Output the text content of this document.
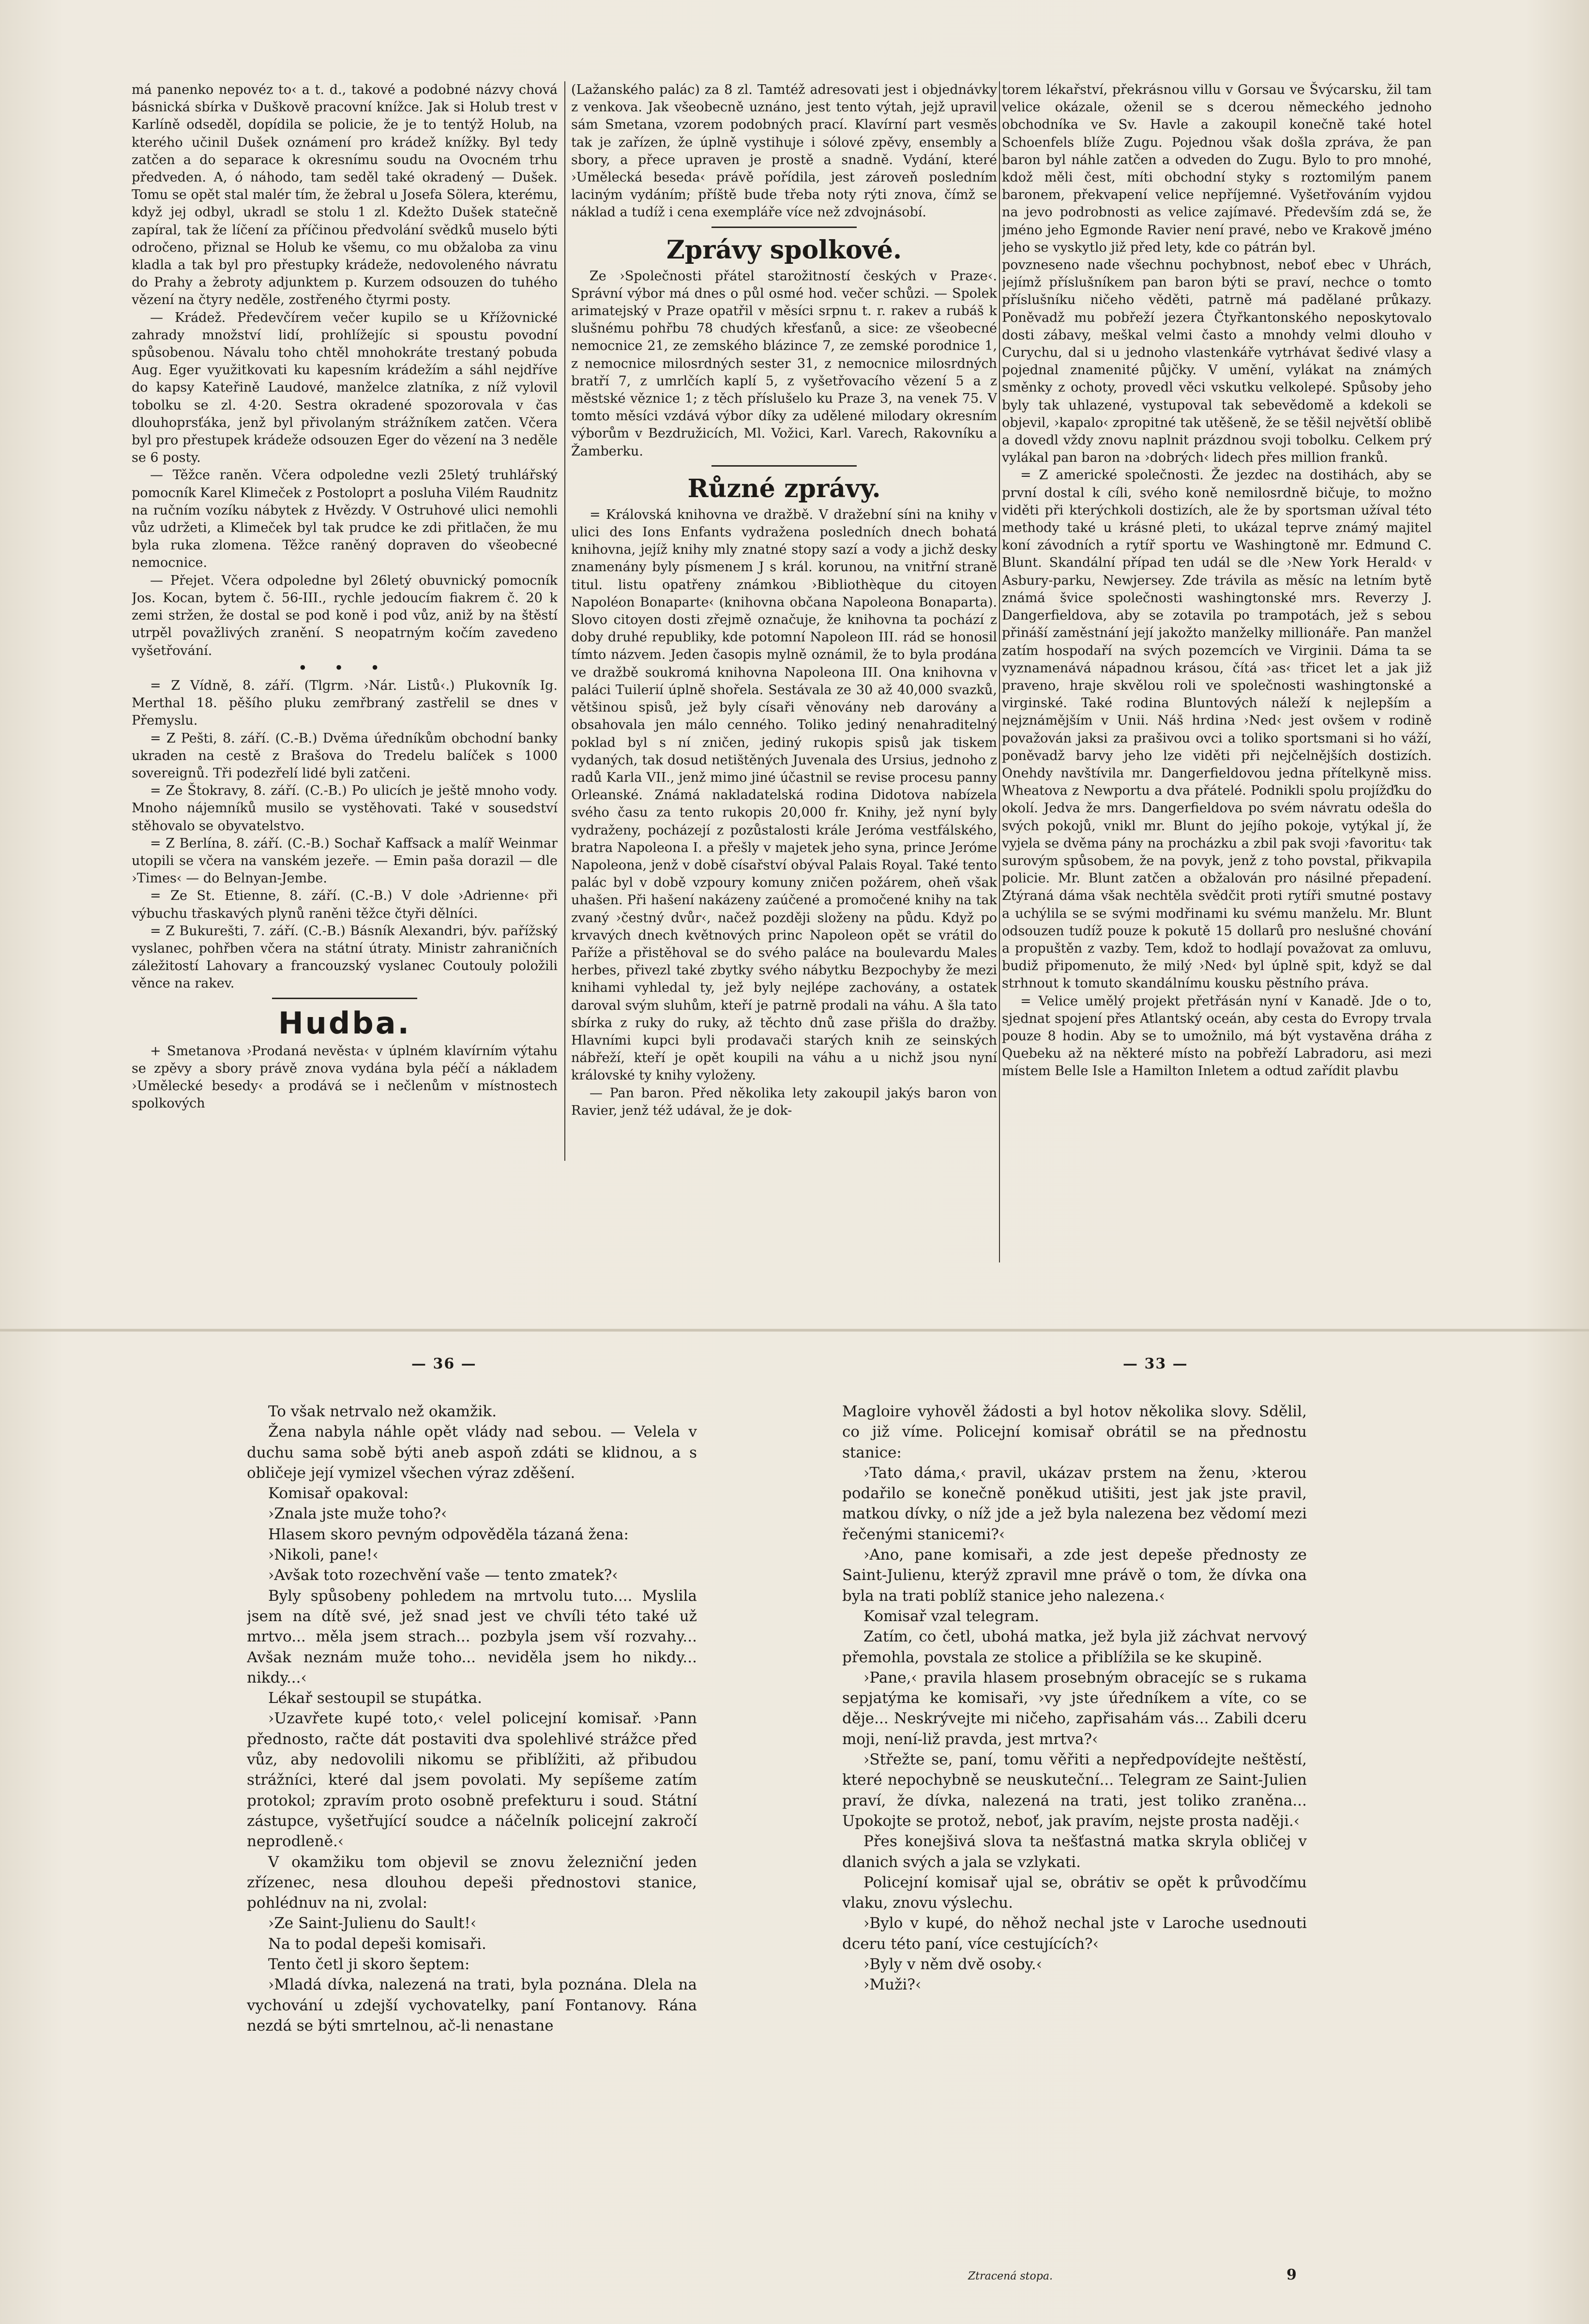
má panenko nepovéz to‹ a t. d., takové a podobné názvy chová básnická sbírka v Duškově pracovní knížce. Jak si Holub trest v Karlíně odseděl, dopídila se policie, že je to tentýž Holub, na kterého učinil Dušek oznámení pro krádež knížky. Byl tedy zatčen a do separace k okresnímu soudu na Ovocném trhu předveden. A, ó náhodo, tam seděl také okradený — Dušek. Tomu se opět stal malér tím, že žebral u Josefa Sölera, kterému, když jej odbyl, ukradl se stolu 1 zl. Kdežto Dušek statečně zapíral, tak že líčení za příčinou předvolání svědků muselo býti odročeno, přiznal se Holub ke všemu, co mu obžaloba za vinu kladla a tak byl pro přestupky krádeže, nedovoleného návratu do Prahy a žebroty adjunktem p. Kurzem odsouzen do tuhého vězení na čtyry neděle, zostřeného čtyrmi posty.

— Krádež. Předevčírem večer kupilo se u Křížovnické zahrady množství lidí, prohlížejíc si spoustu povodní spůsobenou. Návalu toho chtěl mnohokráte trestaný pobuda Aug. Eger využitkovati ku kapesním krádežím a sáhl nejdříve do kapsy Kateřině Laudové, manželce zlatníka, z níž vylovil tobolku se zl. 4·20. Sestra okradené spozorovala v čas dlouhoprsťáka, jenž byl přivolaným strážníkem zatčen. Včera byl pro přestupek krádeže odsouzen Eger do vězení na 3 neděle se 6 posty.

— Těžce raněn. Včera odpoledne vezli 25letý truhlářský pomocník Karel Klimeček z Postoloprt a posluha Vilém Raudnitz na ručním vozíku nábytek z Hvězdy. V Ostruhové ulici nemohli vůz udržeti, a Klimeček byl tak prudce ke zdi přitlačen, že mu byla ruka zlomena. Těžce raněný dopraven do všeobecné nemocnice.

— Přejet. Včera odpoledne byl 26letý obuvnický pomocník Jos. Kocan, bytem č. 56-III., rychle jedoucím fiakrem č. 20 k zemi stržen, že dostal se pod koně i pod vůz, aniž by na štěstí utrpěl považlivých zranění. S neopatrným kočím zavedeno vyšetřování.

• • •

= Z Vídně, 8. září. (Tlgrm. ›Nár. Listů‹.) Plukovník Ig. Merthal 18. pěšího pluku zemřbraný zastřelil se dnes v Přemyslu.

= Z Pešti, 8. září. (C.-B.) Dvěma úředníkům obchodní banky ukraden na cestě z Brašova do Tredelu balíček s 1000 sovereignů. Tři podezřelí lidé byli zatčeni.

= Ze Štokravy, 8. září. (C.-B.) Po ulicích je ještě mnoho vody. Mnoho nájemníků musilo se vystěhovati. Také v sousedství stěhovalo se obyvatelstvo.

= Z Berlína, 8. září. (C.-B.) Sochař Kaffsack a malíř Weinmar utopili se včera na vanském jezeře. — Emin paša dorazil — dle ›Times‹ — do Belnyan-Jembe.

= Ze St. Etienne, 8. září. (C.-B.) V dole ›Adrienne‹ při výbuchu třaskavých plynů raněni těžce čtyři dělníci.

= Z Bukurešti, 7. září. (C.-B.) Básník Alexandri, býv. pařížský vyslanec, pohřben včera na státní útraty. Ministr zahraničních záležitostí Lahovary a francouzský vyslanec Coutouly položili věnce na rakev.

Hudba.

+ Smetanova ›Prodaná nevěsta‹ v úplném klavírním výtahu se zpěvy a sbory právě znova vydána byla péčí a nákladem ›Umělecké besedy‹ a prodává se i nečlenům v místnostech spolkových

(Lažanského palác) za 8 zl. Tamtéž adresovati jest i objednávky z venkova. Jak všeobecně uznáno, jest tento výtah, jejž upravil sám Smetana, vzorem podobných prací. Klavírní part vesměs tak je zařízen, že úplně vystihuje i sólové zpěvy, ensembly a sbory, a přece upraven je prostě a snadně. Vydání, které ›Umělecká beseda‹ právě pořídila, jest zároveň posledním laciným vydáním; příště bude třeba noty rýti znova, čímž se náklad a tudíž i cena exempláře více než zdvojnásobí.

Zprávy spolkové.

Ze ›Společnosti přátel starožitností českých v Praze‹. Správní výbor má dnes o půl osmé hod. večer schůzi. — Spolek arimatejský v Praze opatřil v měsíci srpnu t. r. rakev a rubáš k slušnému pohřbu 78 chudých křesťanů, a sice: ze všeobecné nemocnice 21, ze zemského blázince 7, ze zemské porodnice 1, z nemocnice milosrdných sester 31, z nemocnice milosrdných bratří 7, z umrlčích kaplí 5, z vyšetřovacího vězení 5 a z městské věznice 1; z těch příslušelo ku Praze 3, na venek 75. V tomto měsíci vzdává výbor díky za udělené milodary okresním výborům v Bezdružicích, Ml. Vožici, Karl. Varech, Rakovníku a Žamberku.

Různé zprávy.

= Královská knihovna ve dražbě. V dražební síni na knihy v ulici des Ions Enfants vydražena posledních dnech bohatá knihovna, jejíž knihy mly znatné stopy sazí a vody a jichž desky znamenány byly písmenem J s král. korunou, na vnitřní straně titul. listu opatřeny známkou ›Bibliothèque du citoyen Napoléon Bonaparte‹ (knihovna občana Napoleona Bonaparta). Slovo citoyen dosti zřejmě označuje, že knihovna ta pochází z doby druhé republiky, kde potomní Napoleon III. rád se honosil tímto názvem. Jeden časopis mylně oznámil, že to byla prodána ve dražbě soukromá knihovna Napoleona III. Ona knihovna v paláci Tuilerií úplně shořela. Sestávala ze 30 až 40,000 svazků, většinou spisů, jež byly císaři věnovány neb darovány a obsahovala jen málo cenného. Toliko jediný nenahraditelný poklad byl s ní zničen, jediný rukopis spisů jak tiskem vydaných, tak dosud netištěných Juvenala des Ursius, jednoho z radů Karla VII., jenž mimo jiné účastnil se revise procesu panny Orleanské. Známá nakladatelská rodina Didotova nabízela svého času za tento rukopis 20,000 fr. Knihy, jež nyní byly vydraženy, pocházejí z pozůstalosti krále Jeróma vestfálského, bratra Napoleona I. a přešly v majetek jeho syna, prince Jeróme Napoleona, jenž v době císařství obýval Palais Royal. Také tento palác byl v době vzpoury komuny zničen požárem, oheň však uhašen. Při hašení nakázeny zaúčené a promočené knihy na tak zvaný ›čestný dvůr‹, načež později složeny na půdu. Když po krvavých dnech květnových princ Napoleon opět se vrátil do Paříže a přistěhoval se do svého paláce na boulevardu Males herbes, přivezl také zbytky svého nábytku Bezpochyby že mezi knihami vyhledal ty, jež byly nejlépe zachovány, a ostatek daroval svým sluhům, kteří je patrně prodali na váhu. A šla tato sbírka z ruky do ruky, až těchto dnů zase přišla do dražby. Hlavními kupci byli prodavači starých knih ze seinských nábřeží, kteří je opět koupili na váhu a u nichž jsou nyní královské ty knihy vyloženy.

— Pan baron. Před několika lety zakoupil jakýs baron von Ravier, jenž též udával, že je dok-

torem lékařství, překrásnou villu v Gorsau ve Švýcarsku, žil tam velice okázale, oženil se s dcerou německého jednoho obchodníka ve Sv. Havle a zakoupil konečně také hotel Schoenfels blíže Zugu. Pojednou však došla zpráva, že pan baron byl náhle zatčen a odveden do Zugu. Bylo to pro mnohé, kdož měli čest, míti obchodní styky s roztomilým panem baronem, překvapení velice nepříjemné. Vyšetřováním vyjdou na jevo podrobnosti as velice zajímavé. Především zdá se, že jméno jeho Egmonde Ravier není pravé, nebo ve Krakově jméno jeho se vyskytlo již před lety, kde co pátrán byl.

povzneseno nade všechnu pochybnost, neboť ebec v Uhrách, jejímž příslušníkem pan baron býti se praví, nechce o tomto příslušníku ničeho věděti, patrně má padělané průkazy. Poněvadž mu pobřeží jezera Čtyřkantonského neposkytovalo dosti zábavy, meškal velmi často a mnohdy velmi dlouho v Curychu, dal si u jednoho vlastenkáře vytrhávat šedivé vlasy a pojednal znamenité půjčky. V umění, vylákat na známých směnky z ochoty, provedl věci vskutku velkolepé. Spůsoby jeho byly tak uhlazené, vystupoval tak sebevědomě a kdekoli se objevil, ›kapalo‹ zpropitné tak utěšeně, že se těšil největší oblibě a dovedl vždy znovu naplnit prázdnou svoji tobolku. Celkem prý vylákal pan baron na ›dobrých‹ lidech přes million franků.

= Z americké společnosti. Že jezdec na dostihách, aby se první dostal k cíli, svého koně nemilosrdně bičuje, to možno viděti při kterýchkoli dostizích, ale že by sportsman užíval této methody také u krásné pleti, to ukázal teprve známý majitel koní závodních a rytíř sportu ve Washingtoně mr. Edmund C. Blunt. Skandální případ ten udál se dle ›New York Herald‹ v Asbury-parku, Newjersey. Zde trávila as měsíc na letním bytě známá švice společnosti washingtonské mrs. Reverzy J. Dangerfieldova, aby se zotavila po trampotách, jež s sebou přináší zaměstnání její jakožto manželky millionáře. Pan manžel zatím hospodaří na svých pozemcích ve Virginii. Dáma ta se vyznamenává nápadnou krásou, čítá ›as‹ třicet let a jak již praveno, hraje skvělou roli ve společnosti washingtonské a virginské. Také rodina Bluntových náleží k nejlepším a nejznámějším v Unii. Náš hrdina ›Ned‹ jest ovšem v rodině považován jaksi za prašivou ovci a toliko sportsmani si ho váží, poněvadž barvy jeho lze viděti při nejčelnějších dostizích. Onehdy navštívila mr. Dangerfieldovou jedna přítelkyně miss. Wheatova z Newportu a dva přátelé. Podnikli spolu projížďku do okolí. Jedva že mrs. Dangerfieldova po svém návratu odešla do svých pokojů, vnikl mr. Blunt do jejího pokoje, vytýkal jí, že vyjela se dvěma pány na procházku a zbil pak svoji ›favoritu‹ tak surovým spůsobem, že na povyk, jenž z toho povstal, přikvapila policie. Mr. Blunt zatčen a obžalován pro násilné přepadení. Ztýraná dáma však nechtěla svědčit proti rytíři smutné postavy a uchýlila se se svými modřinami ku svému manželu. Mr. Blunt odsouzen tudíž pouze k pokutě 15 dollarů pro neslušné chování a propuštěn z vazby. Tem, kdož to hodlají považovat za omluvu, budiž připomenuto, že milý ›Ned‹ byl úplně spit, když se dal strhnout k tomuto skandálnímu kousku pěstního práva.

= Velice umělý projekt přetřásán nyní v Kanadě. Jde o to, sjednat spojení přes Atlantský oceán, aby cesta do Evropy trvala pouze 8 hodin. Aby se to umožnilo, má být vystavěna dráha z Quebeku až na některé místo na pobřeží Labradoru, asi mezi místem Belle Isle a Hamilton Inletem a odtud zařídit plavbu

— 36 —	— 33 —

To však netrvalo než okamžik.

Žena nabyla náhle opět vlády nad sebou. — Velela v duchu sama sobě býti aneb aspoň zdáti se klidnou, a s obličeje její vymizel všechen výraz zděšení.

Komisař opakoval:

›Znala jste muže toho?‹

Hlasem skoro pevným odpověděla tázaná žena:

›Nikoli, pane!‹

›Avšak toto rozechvění vaše — tento zmatek?‹

Byly spůsobeny pohledem na mrtvolu tuto.... Myslila jsem na dítě své, jež snad jest ve chvíli této také už mrtvo... měla jsem strach... pozbyla jsem vší rozvahy... Avšak neznám muže toho... neviděla jsem ho nikdy... nikdy...‹

Lékař sestoupil se stupátka.

›Uzavřete kupé toto,‹ velel policejní komisař. ›Pann přednosto, račte dát postaviti dva spolehlivé strážce před vůz, aby nedovolili nikomu se přiblížiti, až přibudou strážníci, které dal jsem povolati. My sepíšeme zatím protokol; zpravím proto osobně prefekturu i soud. Státní zástupce, vyšetřující soudce a náčelník policejní zakročí neprodleně.‹

V okamžiku tom objevil se znovu železniční jeden zřízenec, nesa dlouhou depeši přednostovi stanice, pohlédnuv na ni, zvolal:

›Ze Saint-Julienu do Sault!‹

Na to podal depeši komisaři.

Tento četl ji skoro šeptem:

›Mladá dívka, nalezená na trati, byla poznána. Dlela na vychování u zdejší vychovatelky, paní Fontanovy. Rána nezdá se býti smrtelnou, ač-li nenastane

Magloire vyhověl žádosti a byl hotov několika slovy. Sdělil, co již víme. Policejní komisař obrátil se na přednostu stanice:

›Tato dáma,‹ pravil, ukázav prstem na ženu, ›kterou podařilo se konečně poněkud utišiti, jest jak jste pravil, matkou dívky, o níž jde a jež byla nalezena bez vědomí mezi řečenými stanicemi?‹

›Ano, pane komisaři, a zde jest depeše přednosty ze Saint-Julienu, kterýž zpravil mne právě o tom, že dívka ona byla na trati poblíž stanice jeho nalezena.‹

Komisař vzal telegram.

Zatím, co četl, ubohá matka, jež byla již záchvat nervový přemohla, povstala ze stolice a přiblížila se ke skupině.

›Pane,‹ pravila hlasem prosebným obracejíc se s rukama sepjatýma ke komisaři, ›vy jste úředníkem a víte, co se děje... Neskrývejte mi ničeho, zapřisahám vás... Zabili dceru moji, není-liž pravda, jest mrtva?‹

›Střežte se, paní, tomu věřiti a nepředpovídejte neštěstí, které nepochybně se neuskuteční... Telegram ze Saint-Julien praví, že dívka, nalezená na trati, jest toliko zraněna... Upokojte se protož, neboť, jak pravím, nejste prosta naději.‹

Přes konejšivá slova ta nešťastná matka skryla obličej v dlanich svých a jala se vzlykati.

Policejní komisař ujal se, obrátiv se opět k průvodčímu vlaku, znovu výslechu.

›Bylo v kupé, do něhož nechal jste v Laroche usednouti dceru této paní, více cestujících?‹

›Byly v něm dvě osoby.‹

›Muži?‹

Ztracená stopa.	9
